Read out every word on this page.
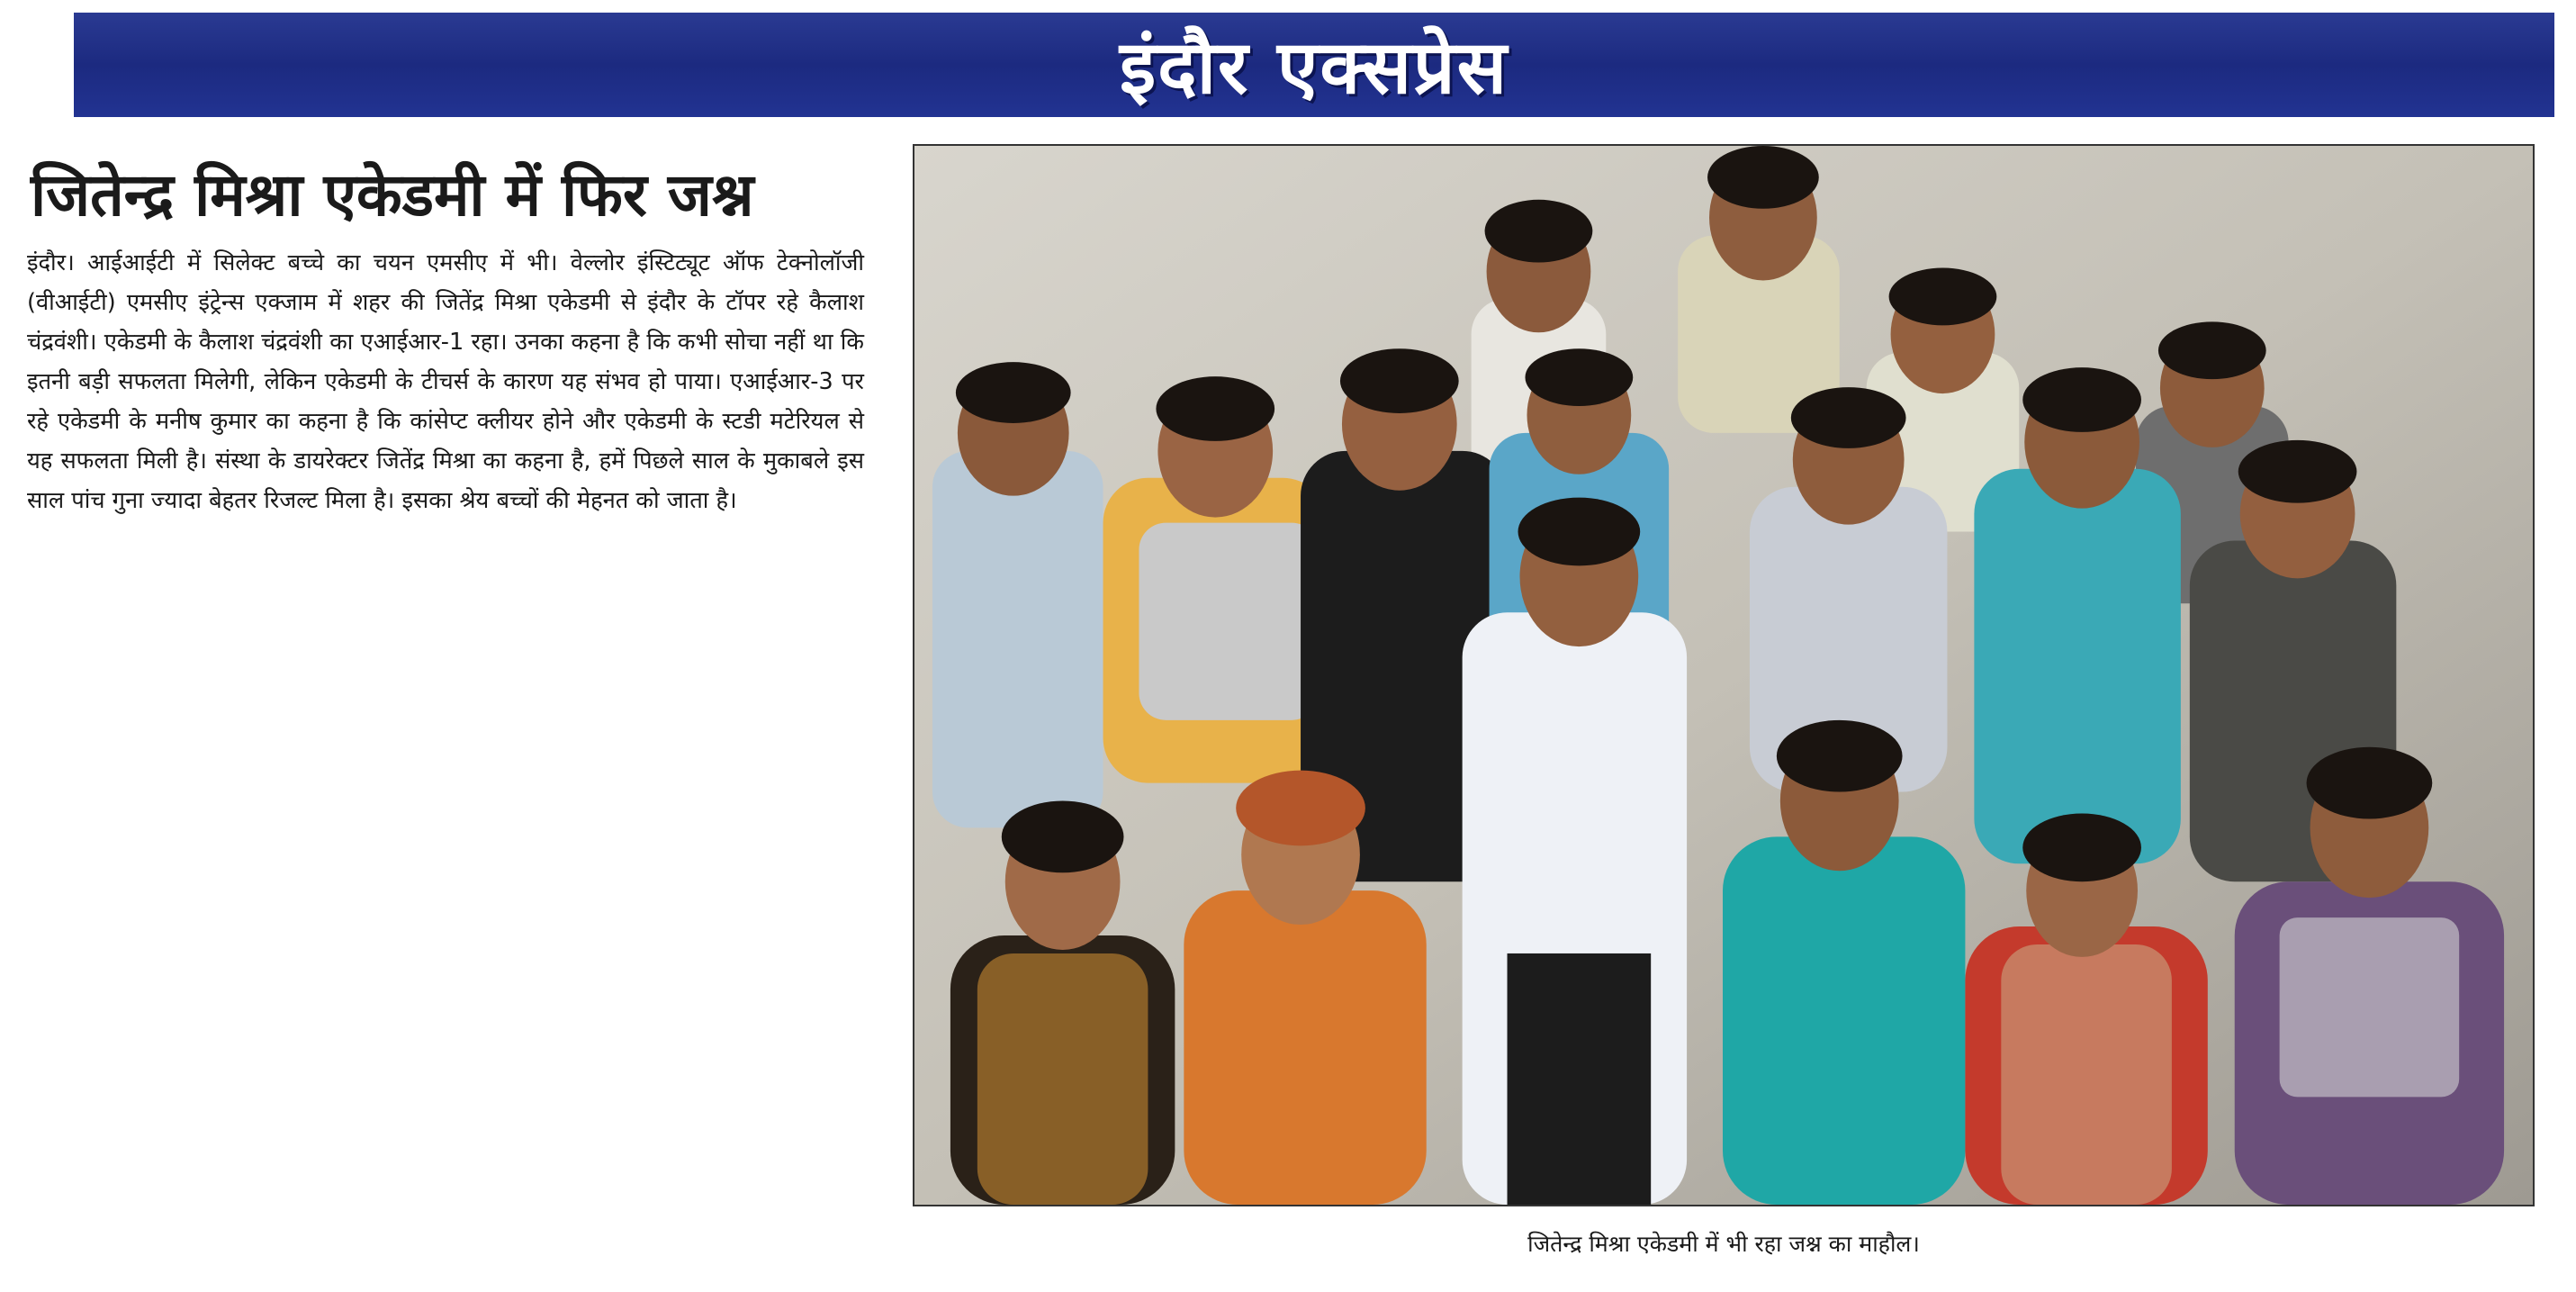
इंदौर एक्सप्रेस
जितेन्द्र मिश्रा एकेडमी में फिर जश्न

इंदौर। आईआईटी में सिलेक्ट बच्चे का चयन एमसीए में भी। वेल्लोर इंस्टिट्यूट ऑफ टेक्नोलॉजी (वीआईटी) एमसीए इंट्रेन्स एक्जाम में शहर की जितेंद्र मिश्रा एकेडमी से इंदौर के टॉपर रहे कैलाश चंद्रवंशी। एकेडमी के कैलाश चंद्रवंशी का एआईआर-1 रहा। उनका कहना है कि कभी सोचा नहीं था कि इतनी बड़ी सफलता मिलेगी, लेकिन एकेडमी के टीचर्स के कारण यह संभव हो पाया। एआईआर-3 पर रहे एकेडमी के मनीष कुमार का कहना है कि कांसेप्ट क्लीयर होने और एकेडमी के स्टडी मटेरियल से यह सफलता मिली है। संस्था के डायरेक्टर जितेंद्र मिश्रा का कहना है, हमें पिछले साल के मुकाबले इस साल पांच गुना ज्यादा बेहतर रिजल्ट मिला है। इसका श्रेय बच्चों की मेहनत को जाता है।

जितेन्द्र मिश्रा एकेडमी में भी रहा जश्न का माहौल।
